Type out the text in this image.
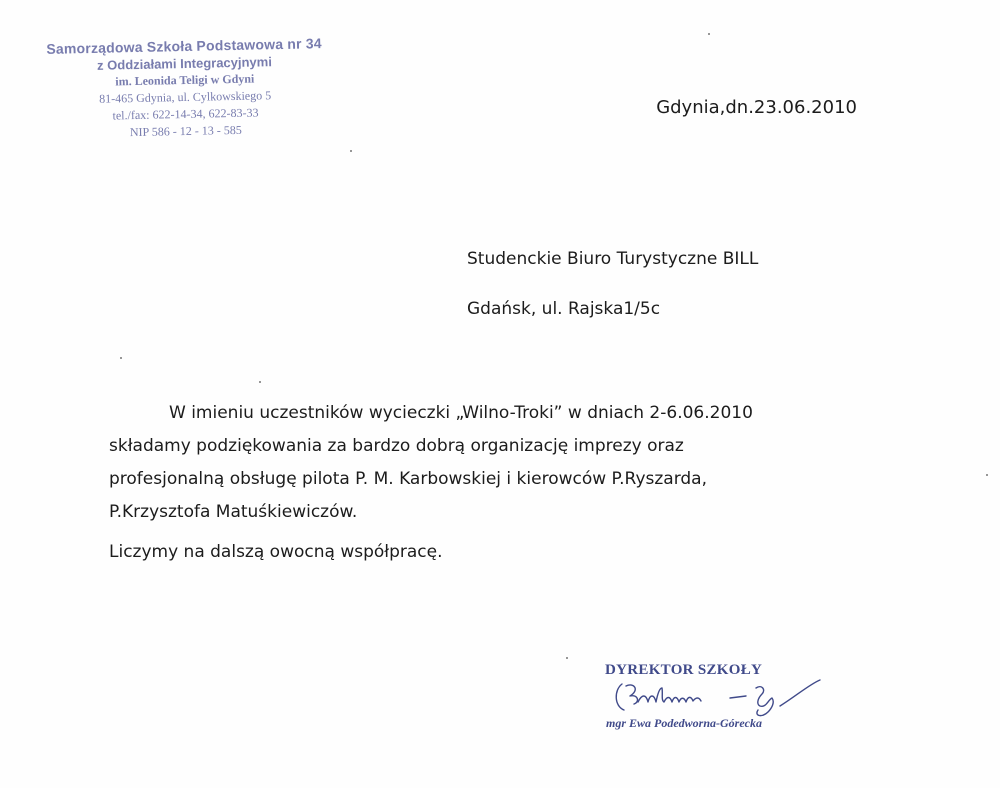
Samorządowa Szkoła Podstawowa nr 34
z Oddziałami Integracyjnymi
im. Leonida Teligi w Gdyni
81-465 Gdynia, ul. Cylkowskiego 5
tel./fax: 622-14-34, 622-83-33
NIP 586 - 12 - 13 - 585
Gdynia,dn.23.06.2010
Studenckie Biuro Turystyczne BILL
Gdańsk, ul. Rajska1/5c
W imieniu uczestników wycieczki „Wilno-Troki” w dniach 2-6.06.2010
składamy podziękowania za bardzo dobrą organizację imprezy oraz
profesjonalną obsługę pilota P. M. Karbowskiej i kierowców P.Ryszarda,
P.Krzysztofa Matuśkiewiczów.
Liczymy na dalszą owocną współpracę.
DYREKTOR SZKOŁY
mgr Ewa Podedworna-Górecka
